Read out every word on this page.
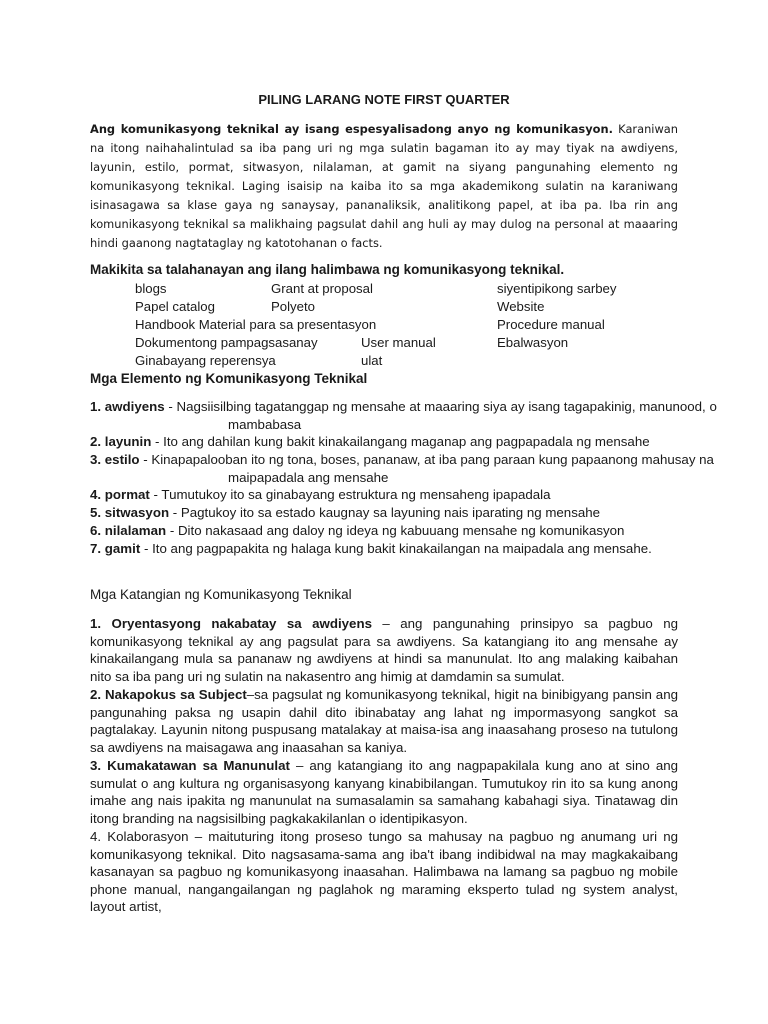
PILING LARANG NOTE FIRST QUARTER

Ang komunikasyong teknikal ay isang espesyalisadong anyo ng komunikasyon. Karaniwan na itong naihahalintulad sa iba pang uri ng mga sulatin bagaman ito ay may tiyak na awdiyens, layunin, estilo, pormat, sitwasyon, nilalaman, at gamit na siyang pangunahing elemento ng komunikasyong teknikal. Laging isaisip na kaiba ito sa mga akademikong sulatin na karaniwang isinasagawa sa klase gaya ng sanaysay, pananaliksik, analitikong papel, at iba pa. Iba rin ang komunikasyong teknikal sa malikhaing pagsulat dahil ang huli ay may dulog na personal at maaaring hindi gaanong nagtataglay ng katotohanan o facts.

Makikita sa talahanayan ang ilang halimbawa ng komunikasyong teknikal.
blogs	Grant at proposal	siyentipikong sarbey
Papel catalog	Polyeto	Website
Handbook Material para sa presentasyon	Procedure manual
Dokumentong pampagsasanay	User manual	Ebalwasyon
Ginabayang reperensya	ulat
Mga Elemento ng Komunikasyong Teknikal
1. awdiyens - Nagsiisilbing tagatanggap ng mensahe at maaaring siya ay isang tagapakinig, manunood, o
mambabasa
2. layunin - Ito ang dahilan kung bakit kinakailangang maganap ang pagpapadala ng mensahe
3. estilo - Kinapapalooban ito ng tona, boses, pananaw, at iba pang paraan kung papaanong mahusay na
maipapadala ang mensahe
4. pormat - Tumutukoy ito sa ginabayang estruktura ng mensaheng ipapadala
5. sitwasyon - Pagtukoy ito sa estado kaugnay sa layuning nais iparating ng mensahe
6. nilalaman - Dito nakasaad ang daloy ng ideya ng kabuuang mensahe ng komunikasyon
7. gamit - Ito ang pagpapakita ng halaga kung bakit kinakailangan na maipadala ang mensahe.
Mga Katangian ng Komunikasyong Teknikal

1. Oryentasyong nakabatay sa awdiyens – ang pangunahing prinsipyo sa pagbuo ng komunikasyong teknikal ay ang pagsulat para sa awdiyens. Sa katangiang ito ang mensahe ay kinakailangang mula sa pananaw ng awdiyens at hindi sa manunulat. Ito ang malaking kaibahan nito sa iba pang uri ng sulatin na nakasentro ang himig at damdamin sa sumulat.

2. Nakapokus sa Subject–sa pagsulat ng komunikasyong teknikal, higit na binibigyang pansin ang pangunahing paksa ng usapin dahil dito ibinabatay ang lahat ng impormasyong sangkot sa pagtalakay. Layunin nitong puspusang matalakay at maisa-isa ang inaasahang proseso na tutulong sa awdiyens na maisagawa ang inaasahan sa kaniya.

3. Kumakatawan sa Manunulat – ang katangiang ito ang nagpapakilala kung ano at sino ang sumulat o ang kultura ng organisasyong kanyang kinabibilangan. Tumutukoy rin ito sa kung anong imahe ang nais ipakita ng manunulat na sumasalamin sa samahang kabahagi siya. Tinatawag din itong branding na nagsisilbing pagkakakilanlan o identipikasyon.

4. Kolaborasyon – maituturing itong proseso tungo sa mahusay na pagbuo ng anumang uri ng komunikasyong teknikal. Dito nagsasama-sama ang iba't ibang indibidwal na may magkakaibang kasanayan sa pagbuo ng komunikasyong inaasahan. Halimbawa na lamang sa pagbuo ng mobile phone manual, nangangailangan ng paglahok ng maraming eksperto tulad ng system analyst, layout artist,
